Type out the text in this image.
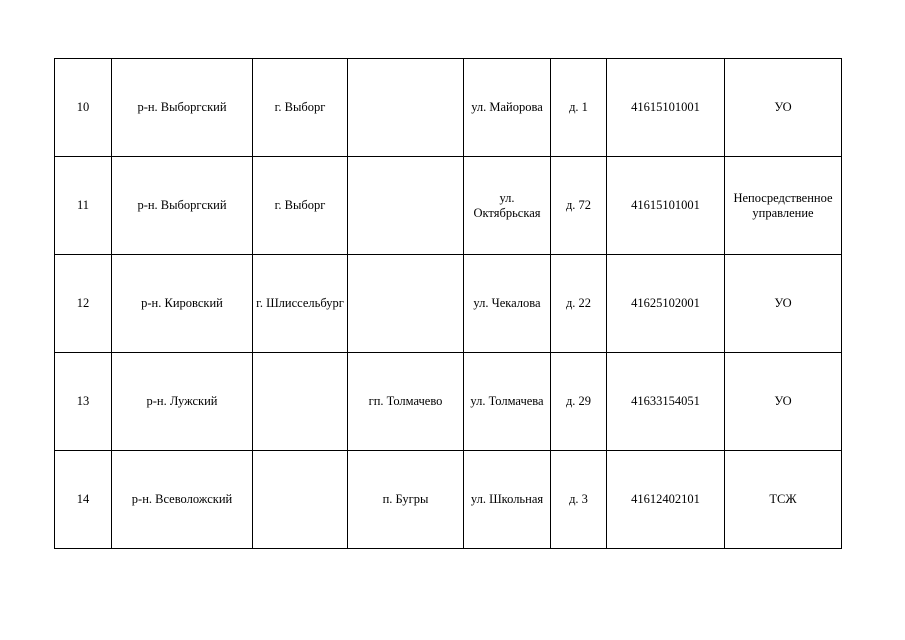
10	р-н. Выборгский	г. Выборг		ул. Майорова	д. 1	41615101001	УО
11	р-н. Выборгский	г. Выборг		ул. Октябрьская	д. 72	41615101001	Непосредственное управление
12	р-н. Кировский	г. Шлиссельбург		ул. Чекалова	д. 22	41625102001	УО
13	р-н. Лужский		гп. Толмачево	ул. Толмачева	д. 29	41633154051	УО
14	р-н. Всеволожский		п. Бугры	ул. Школьная	д. 3	41612402101	ТСЖ
